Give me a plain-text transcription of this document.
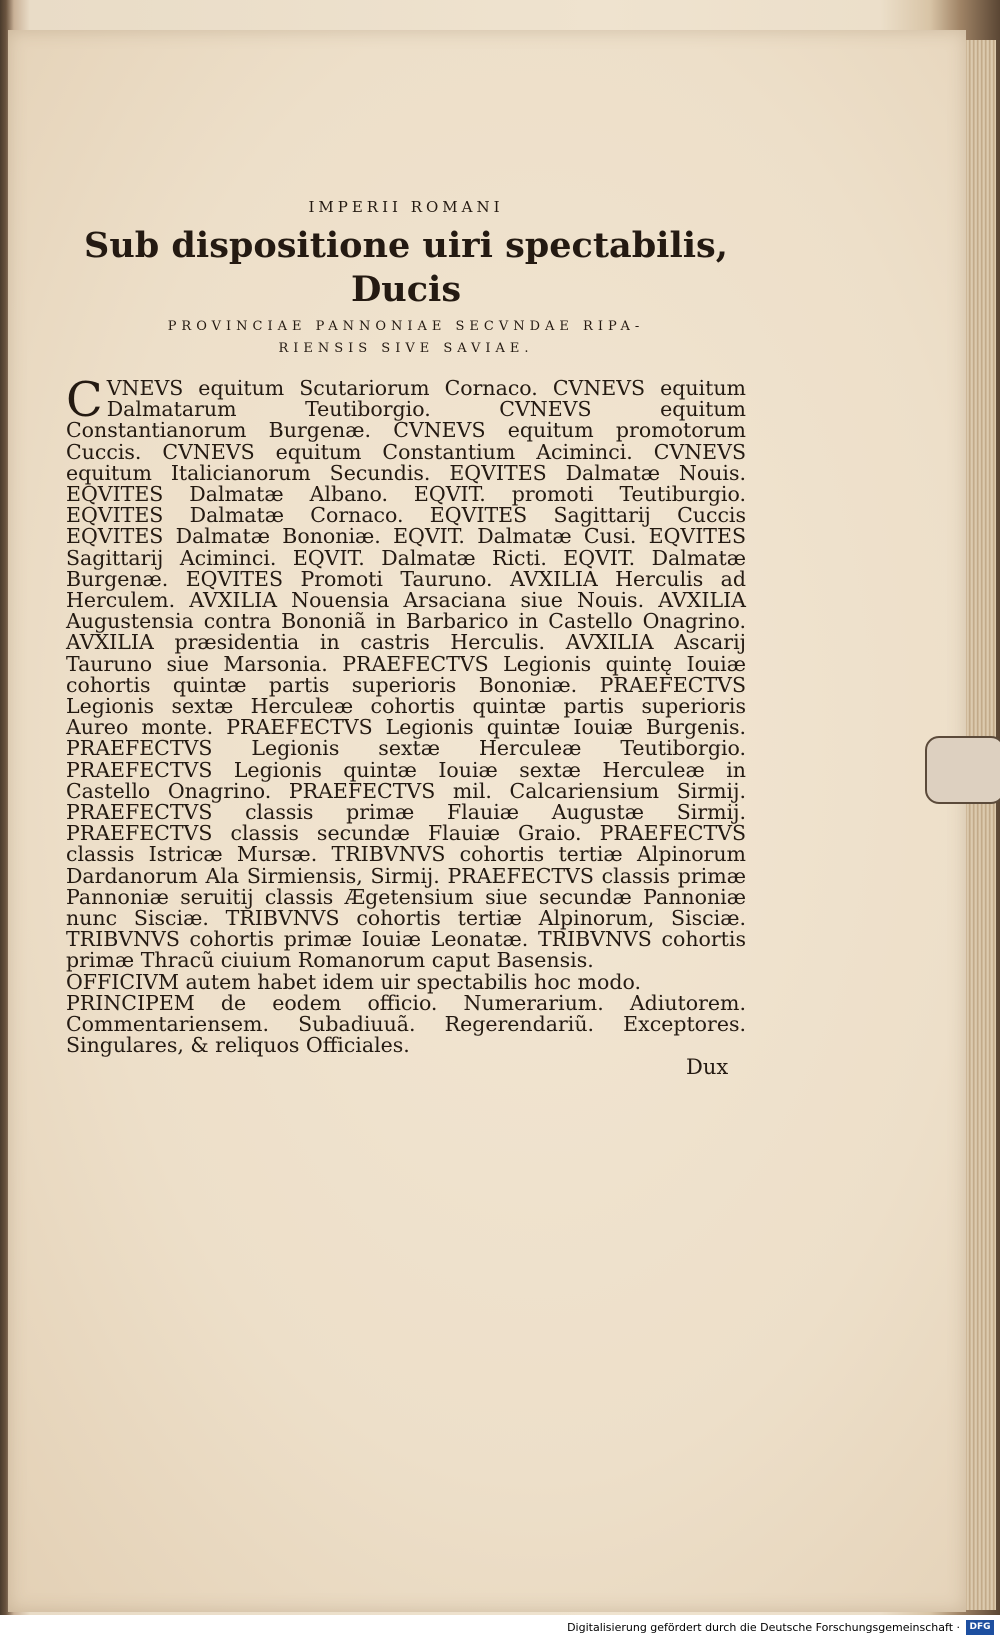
IMPERII ROMANI

Sub dispositione uiri spectabilis, Ducis

PROVINCIAE PANNONIAE SECVNDAE RIPA-
RIENSIS SIVE SAVIAE.

C VNEVS equitum Scutariorum Cornaco. CVNEVS equitum Dalmatarum Teutiborgio. CVNEVS equitum Constantianorum Burgenæ. CVNEVS equitum promotorum Cuccis. CVNEVS equitum Constantium Aciminci. CVNEVS equitum Italicianorum Secundis. EQVITES Dalmatæ Nouis. EQVITES Dalmatæ Albano. EQVIT. promoti Teutiburgio. EQVITES Dalmatæ Cornaco. EQVITES Sagittarij Cuccis EQVITES Dalmatæ Bononiæ. EQVIT. Dalmatæ Cusi. EQVITES Sagittarij Aciminci. EQVIT. Dalmatæ Ricti. EQVIT. Dalmatæ Burgenæ. EQVITES Promoti Tauruno. AVXILIA Herculis ad Herculem. AVXILIA Nouensia Arsaciana siue Nouis. AVXILIA Augustensia contra Bononiã in Barbarico in Castello Onagrino. AVXILIA præsidentia in castris Herculis. AVXILIA Ascarij Tauruno siue Marsonia. PRAEFECTVS Legionis quintę Iouiæ cohortis quintæ partis superioris Bononiæ. PRAEFECTVS Legionis sextæ Herculeæ cohortis quintæ partis superioris Aureo monte. PRAEFECTVS Legionis quintæ Iouiæ Burgenis. PRAEFECTVS Legionis sextæ Herculeæ Teutiborgio. PRAEFECTVS Legionis quintæ Iouiæ sextæ Herculeæ in Castello Onagrino. PRAEFECTVS mil. Calcariensium Sirmij. PRAEFECTVS classis primæ Flauiæ Augustæ Sirmij. PRAEFECTVS classis secundæ Flauiæ Graio. PRAEFECTVS classis Istricæ Mursæ. TRIBVNVS cohortis tertiæ Alpinorum Dardanorum Ala Sirmiensis, Sirmij. PRAEFECTVS classis primæ Pannoniæ seruitij classis Ægetensium siue secundæ Pannoniæ nunc Sisciæ. TRIBVNVS cohortis tertiæ Alpinorum, Sisciæ. TRIBVNVS cohortis primæ Iouiæ Leonatæ. TRIBVNVS cohortis primæ Thracũ ciuium Romanorum caput Basensis.

OFFICIVM autem habet idem uir spectabilis hoc modo.

PRINCIPEM de eodem officio. Numerarium. Adiutorem. Commentariensem. Subadiuuã. Regerendariũ. Exceptores. Singulares, & reliquos Officiales.

Dux
Digitalisierung gefördert durch die Deutsche Forschungsgemeinschaft ·	DFG
